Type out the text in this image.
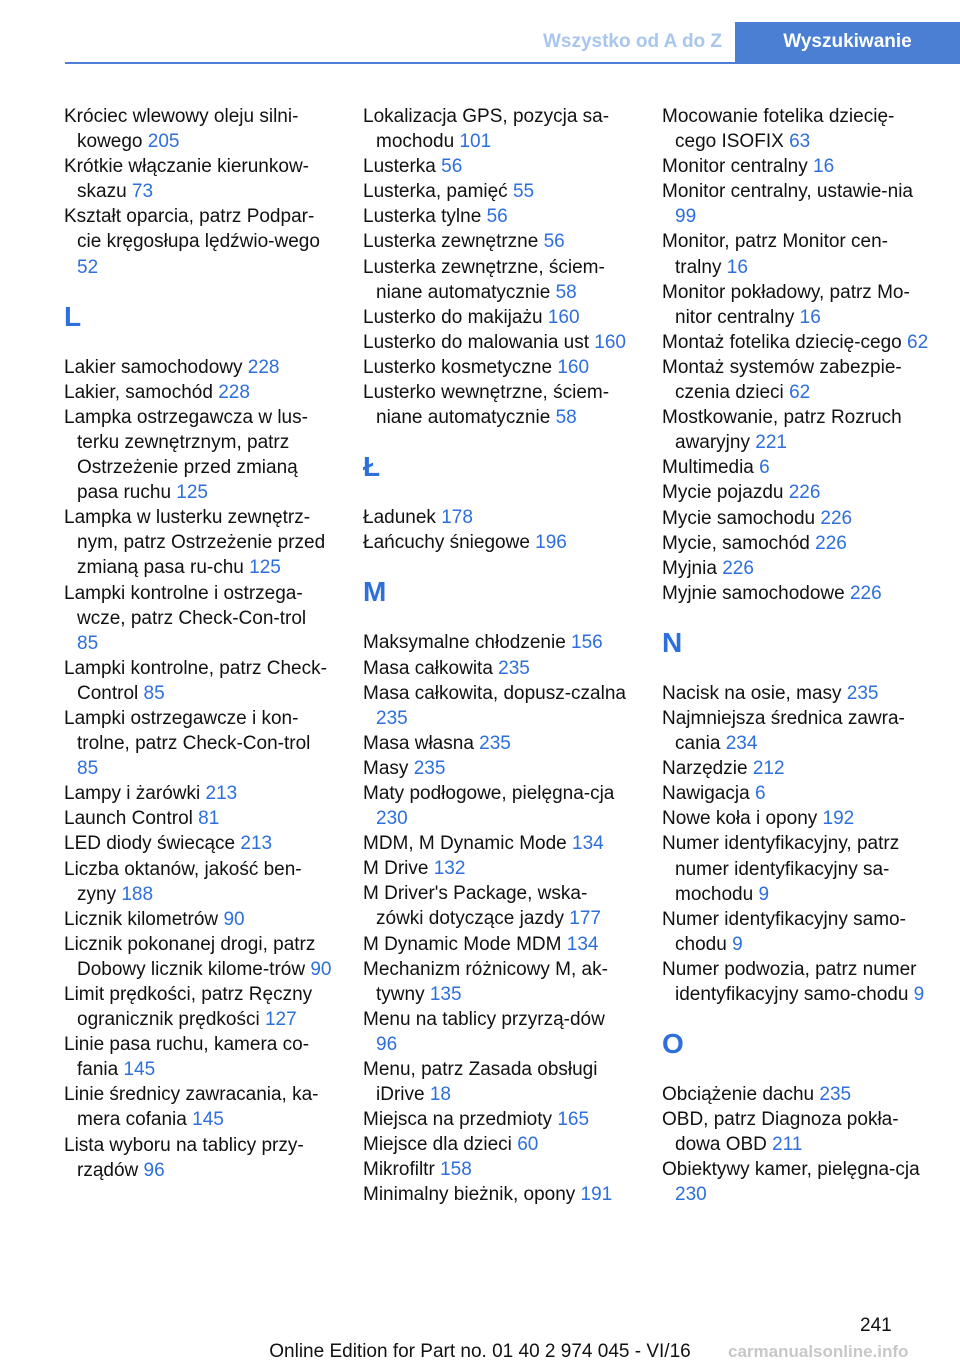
Wszystko od A do Z	Wyszukiwanie
Króciec wlewowy oleju silni‐kowego 205
Krótkie włączanie kierunkow‐skazu 73
Kształt oparcia, patrz Podpar‐cie kręgosłupa lędźwio‐wego 52
L
Lakier samochodowy 228
Lakier, samochód 228
Lampka ostrzegawcza w lus‐terku zewnętrznym, patrz Ostrzeżenie przed zmianą pasa ruchu 125
Lampka w lusterku zewnętrz‐nym, patrz Ostrzeżenie przed zmianą pasa ru‐chu 125
Lampki kontrolne i ostrzega‐wcze, patrz Check-Con‐trol 85
Lampki kontrolne, patrz Check-Control 85
Lampki ostrzegawcze i kon‐trolne, patrz Check-Con‐trol 85
Lampy i żarówki 213
Launch Control 81
LED diody świecące 213
Liczba oktanów, jakość ben‐zyny 188
Licznik kilometrów 90
Licznik pokonanej drogi, patrz Dobowy licznik kilome‐trów 90
Limit prędkości, patrz Ręczny ogranicznik prędkości 127
Linie pasa ruchu, kamera co‐fania 145
Linie średnicy zawracania, ka‐mera cofania 145
Lista wyboru na tablicy przy‐rządów 96
Lokalizacja GPS, pozycja sa‐mochodu 101
Lusterka 56
Lusterka, pamięć 55
Lusterka tylne 56
Lusterka zewnętrzne 56
Lusterka zewnętrzne, ściem‐niane automatycznie 58
Lusterko do makijażu 160
Lusterko do malowania ust 160
Lusterko kosmetyczne 160
Lusterko wewnętrzne, ściem‐niane automatycznie 58
Ł
Ładunek 178
Łańcuchy śniegowe 196
M
Maksymalne chłodzenie 156
Masa całkowita 235
Masa całkowita, dopusz‐czalna 235
Masa własna 235
Masy 235
Maty podłogowe, pielęgna‐cja 230
MDM, M Dynamic Mode 134
M Drive 132
M Driver's Package, wska‐zówki dotyczące jazdy 177
M Dynamic Mode MDM 134
Mechanizm różnicowy M, ak‐tywny 135
Menu na tablicy przyrzą‐dów 96
Menu, patrz Zasada obsługi iDrive 18
Miejsca na przedmioty 165
Miejsce dla dzieci 60
Mikrofiltr 158
Minimalny bieżnik, opony 191
Mocowanie fotelika dziecię‐cego ISOFIX 63
Monitor centralny 16
Monitor centralny, ustawie‐nia 99
Monitor, patrz Monitor cen‐tralny 16
Monitor pokładowy, patrz Mo‐nitor centralny 16
Montaż fotelika dziecię‐cego 62
Montaż systemów zabezpie‐czenia dzieci 62
Mostkowanie, patrz Rozruch awaryjny 221
Multimedia 6
Mycie pojazdu 226
Mycie samochodu 226
Mycie, samochód 226
Myjnia 226
Myjnie samochodowe 226
N
Nacisk na osie, masy 235
Najmniejsza średnica zawra‐cania 234
Narzędzie 212
Nawigacja 6
Nowe koła i opony 192
Numer identyfikacyjny, patrz numer identyfikacyjny sa‐mochodu 9
Numer identyfikacyjny samo‐chodu 9
Numer podwozia, patrz numer identyfikacyjny samo‐chodu 9
O
Obciążenie dachu 235
OBD, patrz Diagnoza pokła‐dowa OBD 211
Obiektywy kamer, pielęgna‐cja 230
241
Online Edition for Part no. 01 40 2 974 045 - VI/16	carmanualsonline.info
